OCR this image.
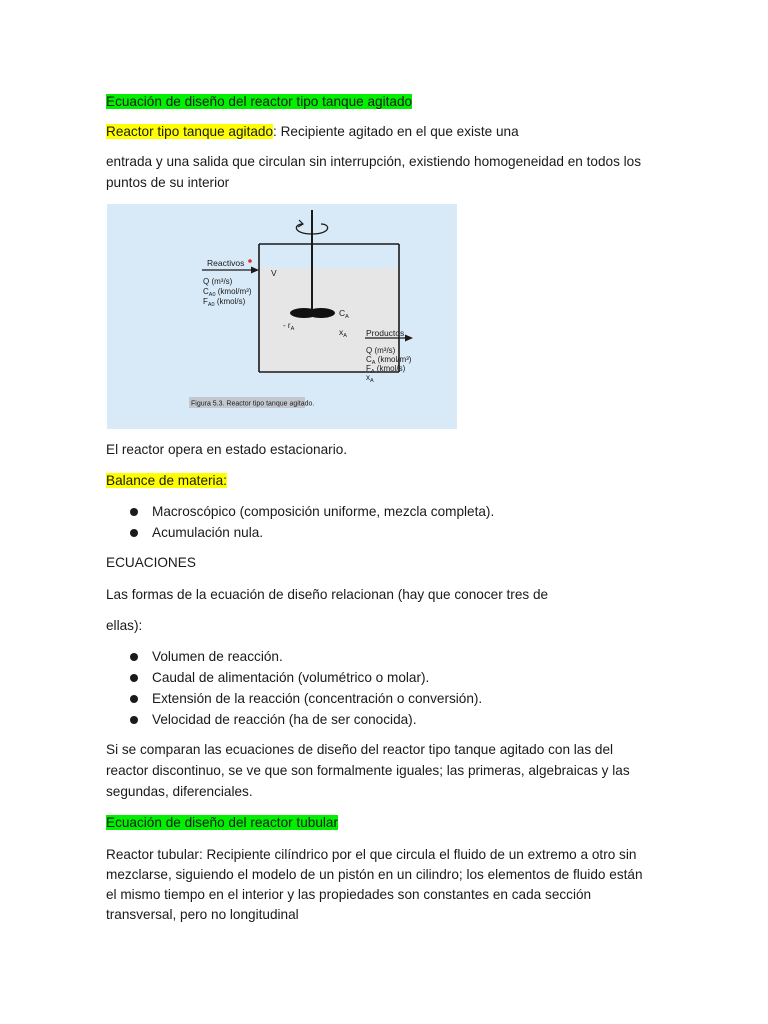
Ecuación de diseño del reactor tipo tanque agitado
Reactor tipo tanque agitado: Recipiente agitado en el que existe una
entrada y una salida que circulan sin interrupción, existiendo homogeneidad en todos los
puntos de su interior
Reactivos
Q (m³/s)
$C_{A0}$ (kmol/m³)
$F_{A0}$ (kmol/s)
V
- $r_A$
$C_A$
$x_A$ Productos
Q (m³/s)
$C_A$ (kmol/m³)
$F_A$ (kmol/s)
$x_A$
Figura 5.3. Reactor tipo tanque agitado.
El reactor opera en estado estacionario.
Balance de materia:
Macroscópico (composición uniforme, mezcla completa).
Acumulación nula.
ECUACIONES
Las formas de la ecuación de diseño relacionan (hay que conocer tres de
ellas):
Volumen de reacción.
Caudal de alimentación (volumétrico o molar).
Extensión de la reacción (concentración o conversión).
Velocidad de reacción (ha de ser conocida).
Si se comparan las ecuaciones de diseño del reactor tipo tanque agitado con las del
reactor discontinuo, se ve que son formalmente iguales; las primeras, algebraicas y las
segundas, diferenciales.
Ecuación de diseño del reactor tubular
Reactor tubular: Recipiente cilíndrico por el que circula el fluido de un extremo a otro sin
mezclarse, siguiendo el modelo de un pistón en un cilindro; los elementos de fluido están
el mismo tiempo en el interior y las propiedades son constantes en cada sección
transversal, pero no longitudinal
